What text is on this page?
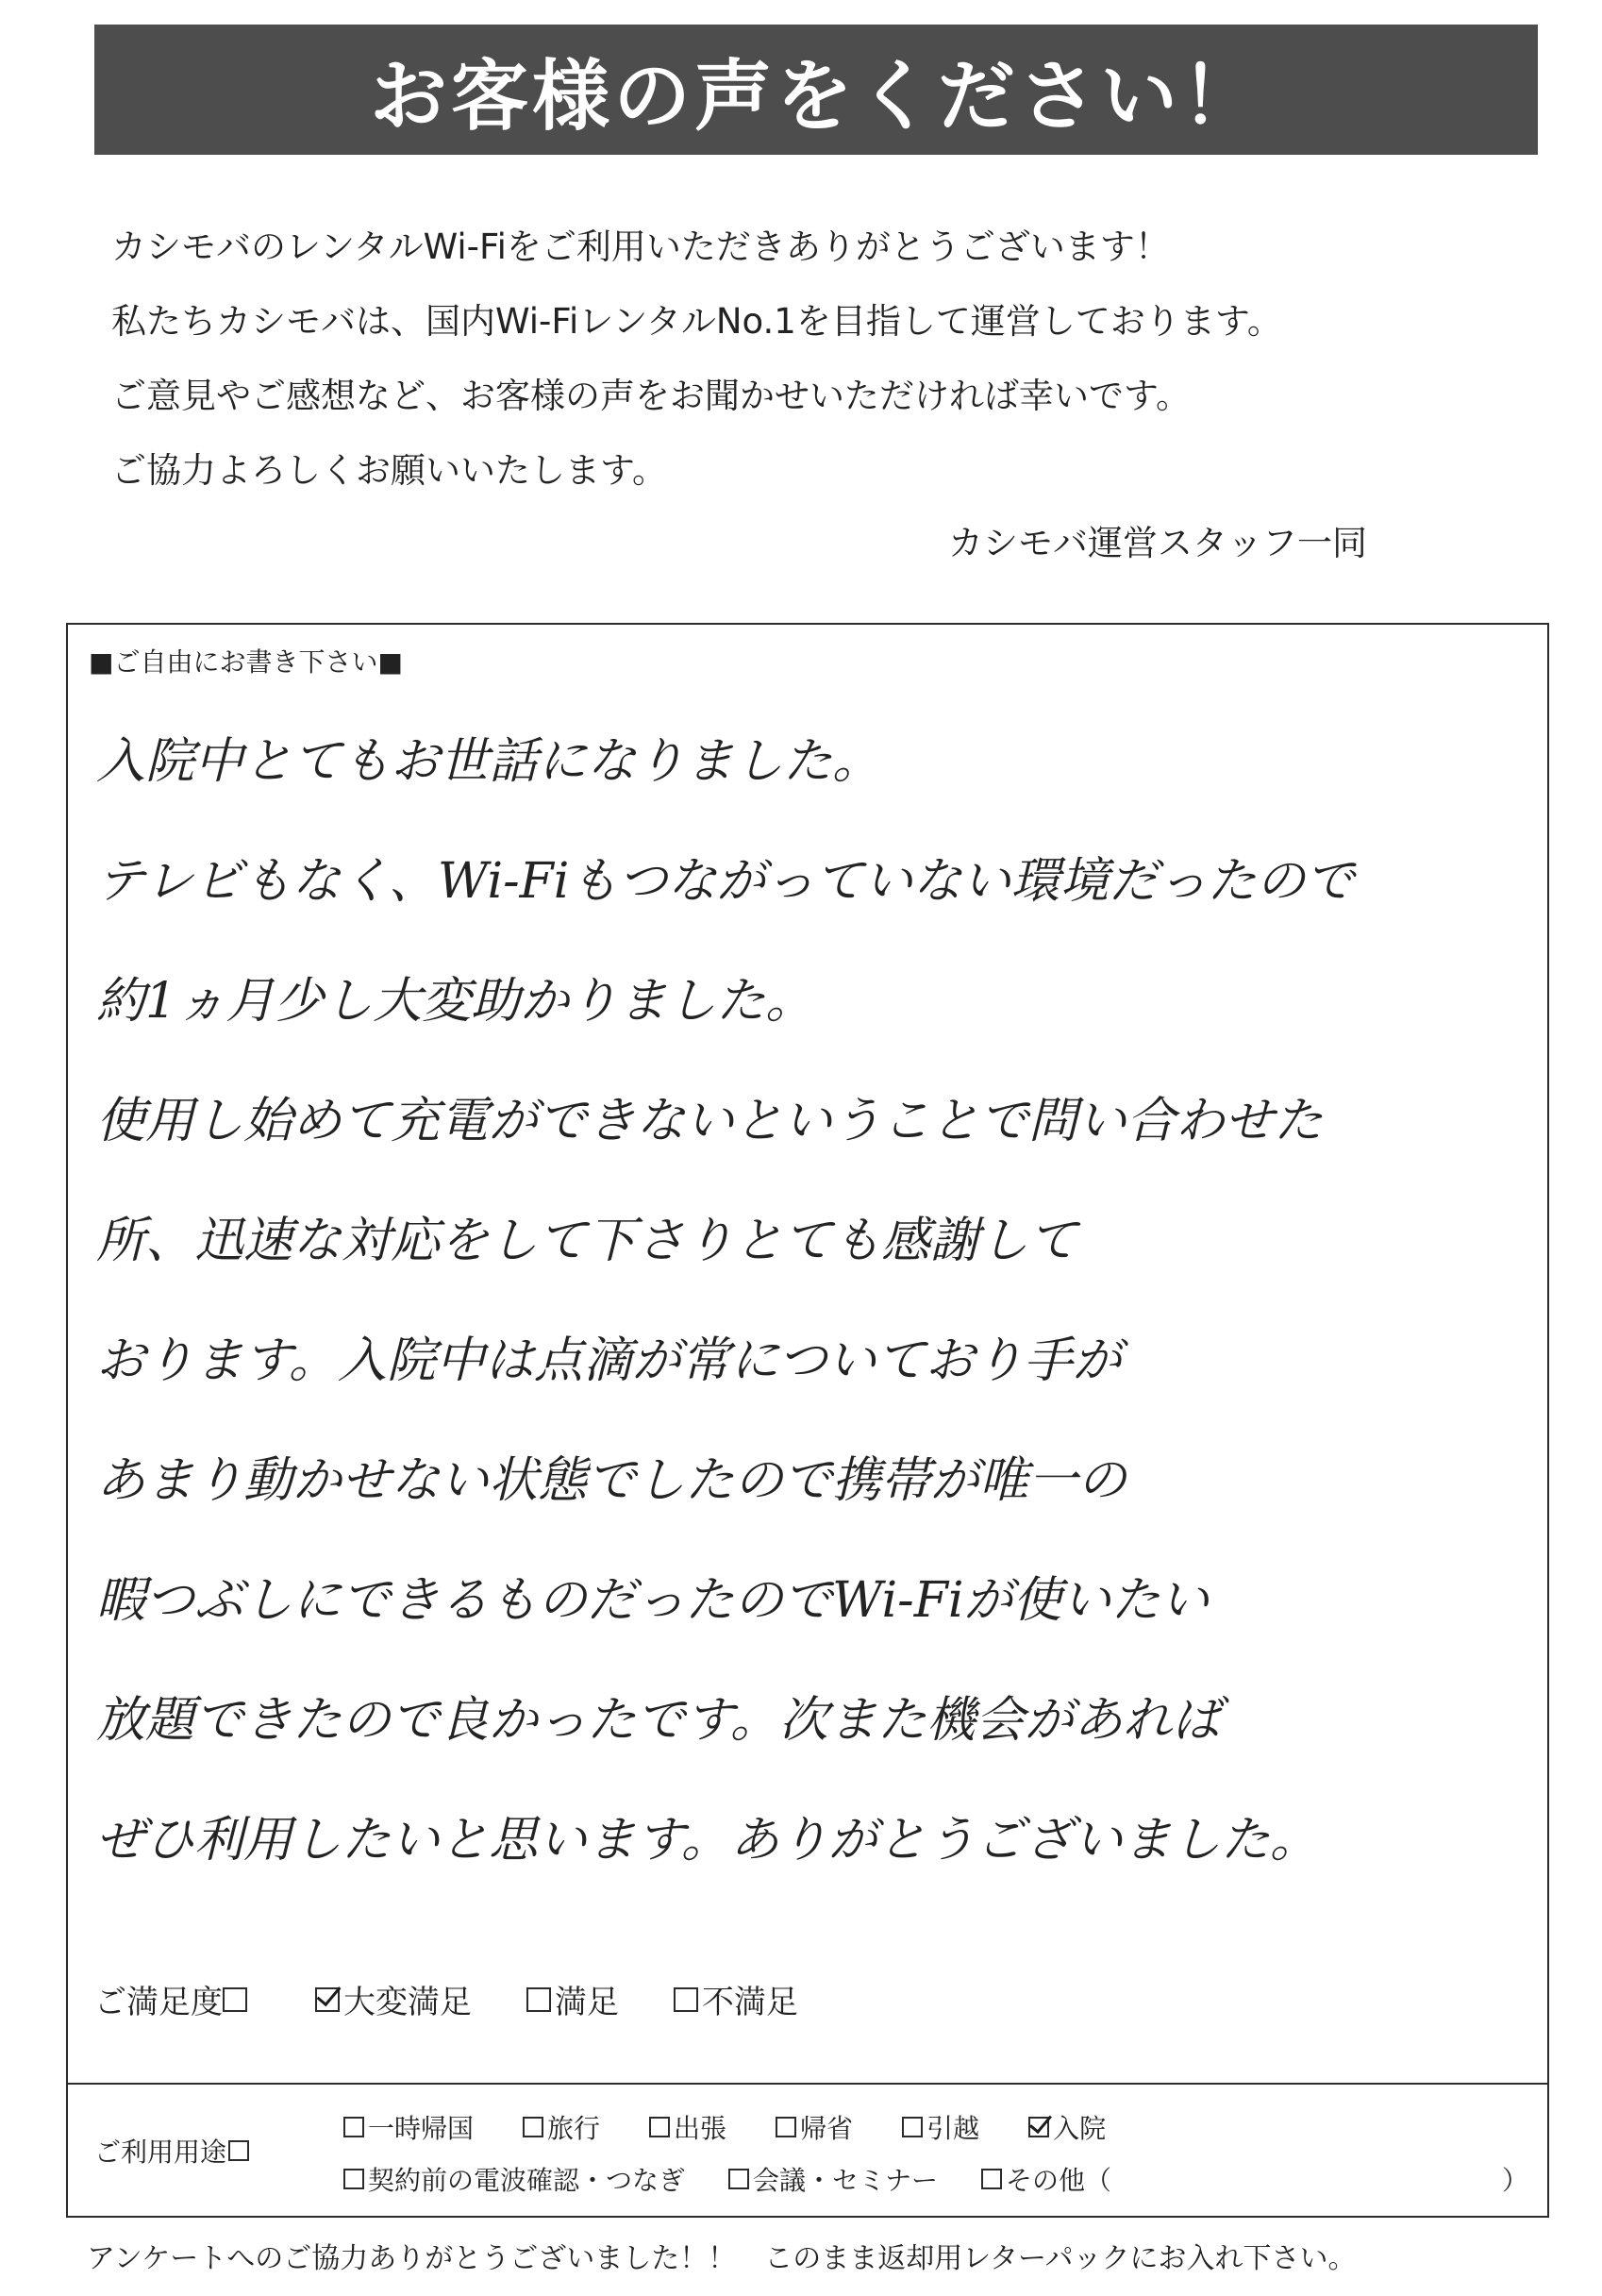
お客様の声をください！
カシモバのレンタルWi-Fiをご利用いただきありがとうございます！
私たちカシモバは、国内Wi-FiレンタルNo.1を目指して運営しております。
ご意見やご感想など、お客様の声をお聞かせいただければ幸いです。
ご協力よろしくお願いいたします。
カシモバ運営スタッフ一同
■ご自由にお書き下さい■
入院中とてもお世話になりました。
テレビもなく、Wi-Fiもつながっていない環境だったので
約1ヵ月少し大変助かりました。
使用し始めて充電ができないということで問い合わせた
所、迅速な対応をして下さりとても感謝して
おります。入院中は点滴が常についており手が
あまり動かせない状態でしたので携帯が唯一の
暇つぶしにできるものだったのでWi-Fiが使いたい
放題できたので良かったです。次また機会があれば
ぜひ利用したいと思います。ありがとうございました。
ご満足度	大変満足	満足	不満足
ご利用用途
一時帰国	旅行	出張	帰省	引越	入院
契約前の電波確認・つなぎ	会議・セミナー	その他（	）
アンケートへのご協力ありがとうございました！！　このまま返却用レターパックにお入れ下さい。
